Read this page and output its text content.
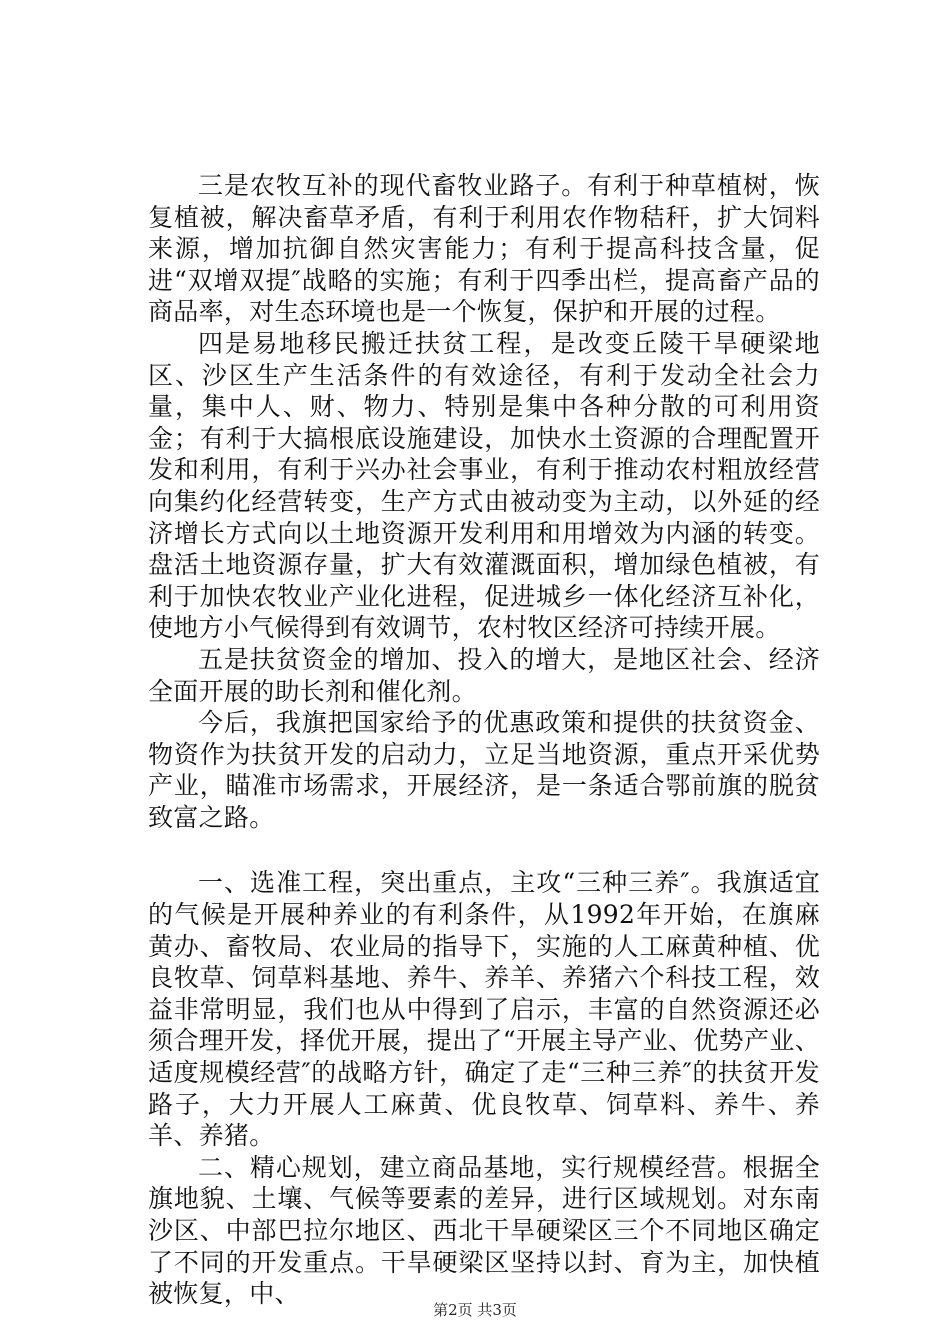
三是农牧互补的现代畜牧业路子。有利于种草植树，恢复植被，解决畜草矛盾，有利于利用农作物秸秆，扩大饲料来源，增加抗御自然灾害能力；有利于提高科技含量，促进“双增双提″战略的实施；有利于四季出栏，提高畜产品的商品率，对生态环境也是一个恢复，保护和开展的过程。

四是易地移民搬迁扶贫工程，是改变丘陵干旱硬梁地区、沙区生产生活条件的有效途径，有利于发动全社会力量，集中人、财、物力、特别是集中各种分散的可利用资金；有利于大搞根底设施建设，加快水土资源的合理配置开发和利用，有利于兴办社会事业，有利于推动农村粗放经营向集约化经营转变，生产方式由被动变为主动，以外延的经济增长方式向以土地资源开发利用和用增效为内涵的转变。盘活土地资源存量，扩大有效灌溉面积，增加绿色植被，有利于加快农牧业产业化进程，促进城乡一体化经济互补化，使地方小气候得到有效调节，农村牧区经济可持续开展。

五是扶贫资金的增加、投入的增大，是地区社会、经济全面开展的助长剂和催化剂。

今后，我旗把国家给予的优惠政策和提供的扶贫资金、物资作为扶贫开发的启动力，立足当地资源，重点开采优势产业，瞄准市场需求，开展经济，是一条适合鄂前旗的脱贫致富之路。

一、选准工程，突出重点，主攻“三种三养″。我旗适宜的气候是开展种养业的有利条件，从1992年开始，在旗麻黄办、畜牧局、农业局的指导下，实施的人工麻黄种植、优良牧草、饲草料基地、养牛、养羊、养猪六个科技工程，效益非常明显，我们也从中得到了启示，丰富的自然资源还必须合理开发，择优开展，提出了“开展主导产业、优势产业、适度规模经营″的战略方针，确定了走“三种三养″的扶贫开发路子，大力开展人工麻黄、优良牧草、饲草料、养牛、养羊、养猪。

二、精心规划，建立商品基地，实行规模经营。根据全旗地貌、土壤、气候等要素的差异，进行区域规划。对东南沙区、中部巴拉尔地区、西北干旱硬梁区三个不同地区确定了不同的开发重点。干旱硬梁区坚持以封、育为主，加快植被恢复，中、

第2页 共3页
